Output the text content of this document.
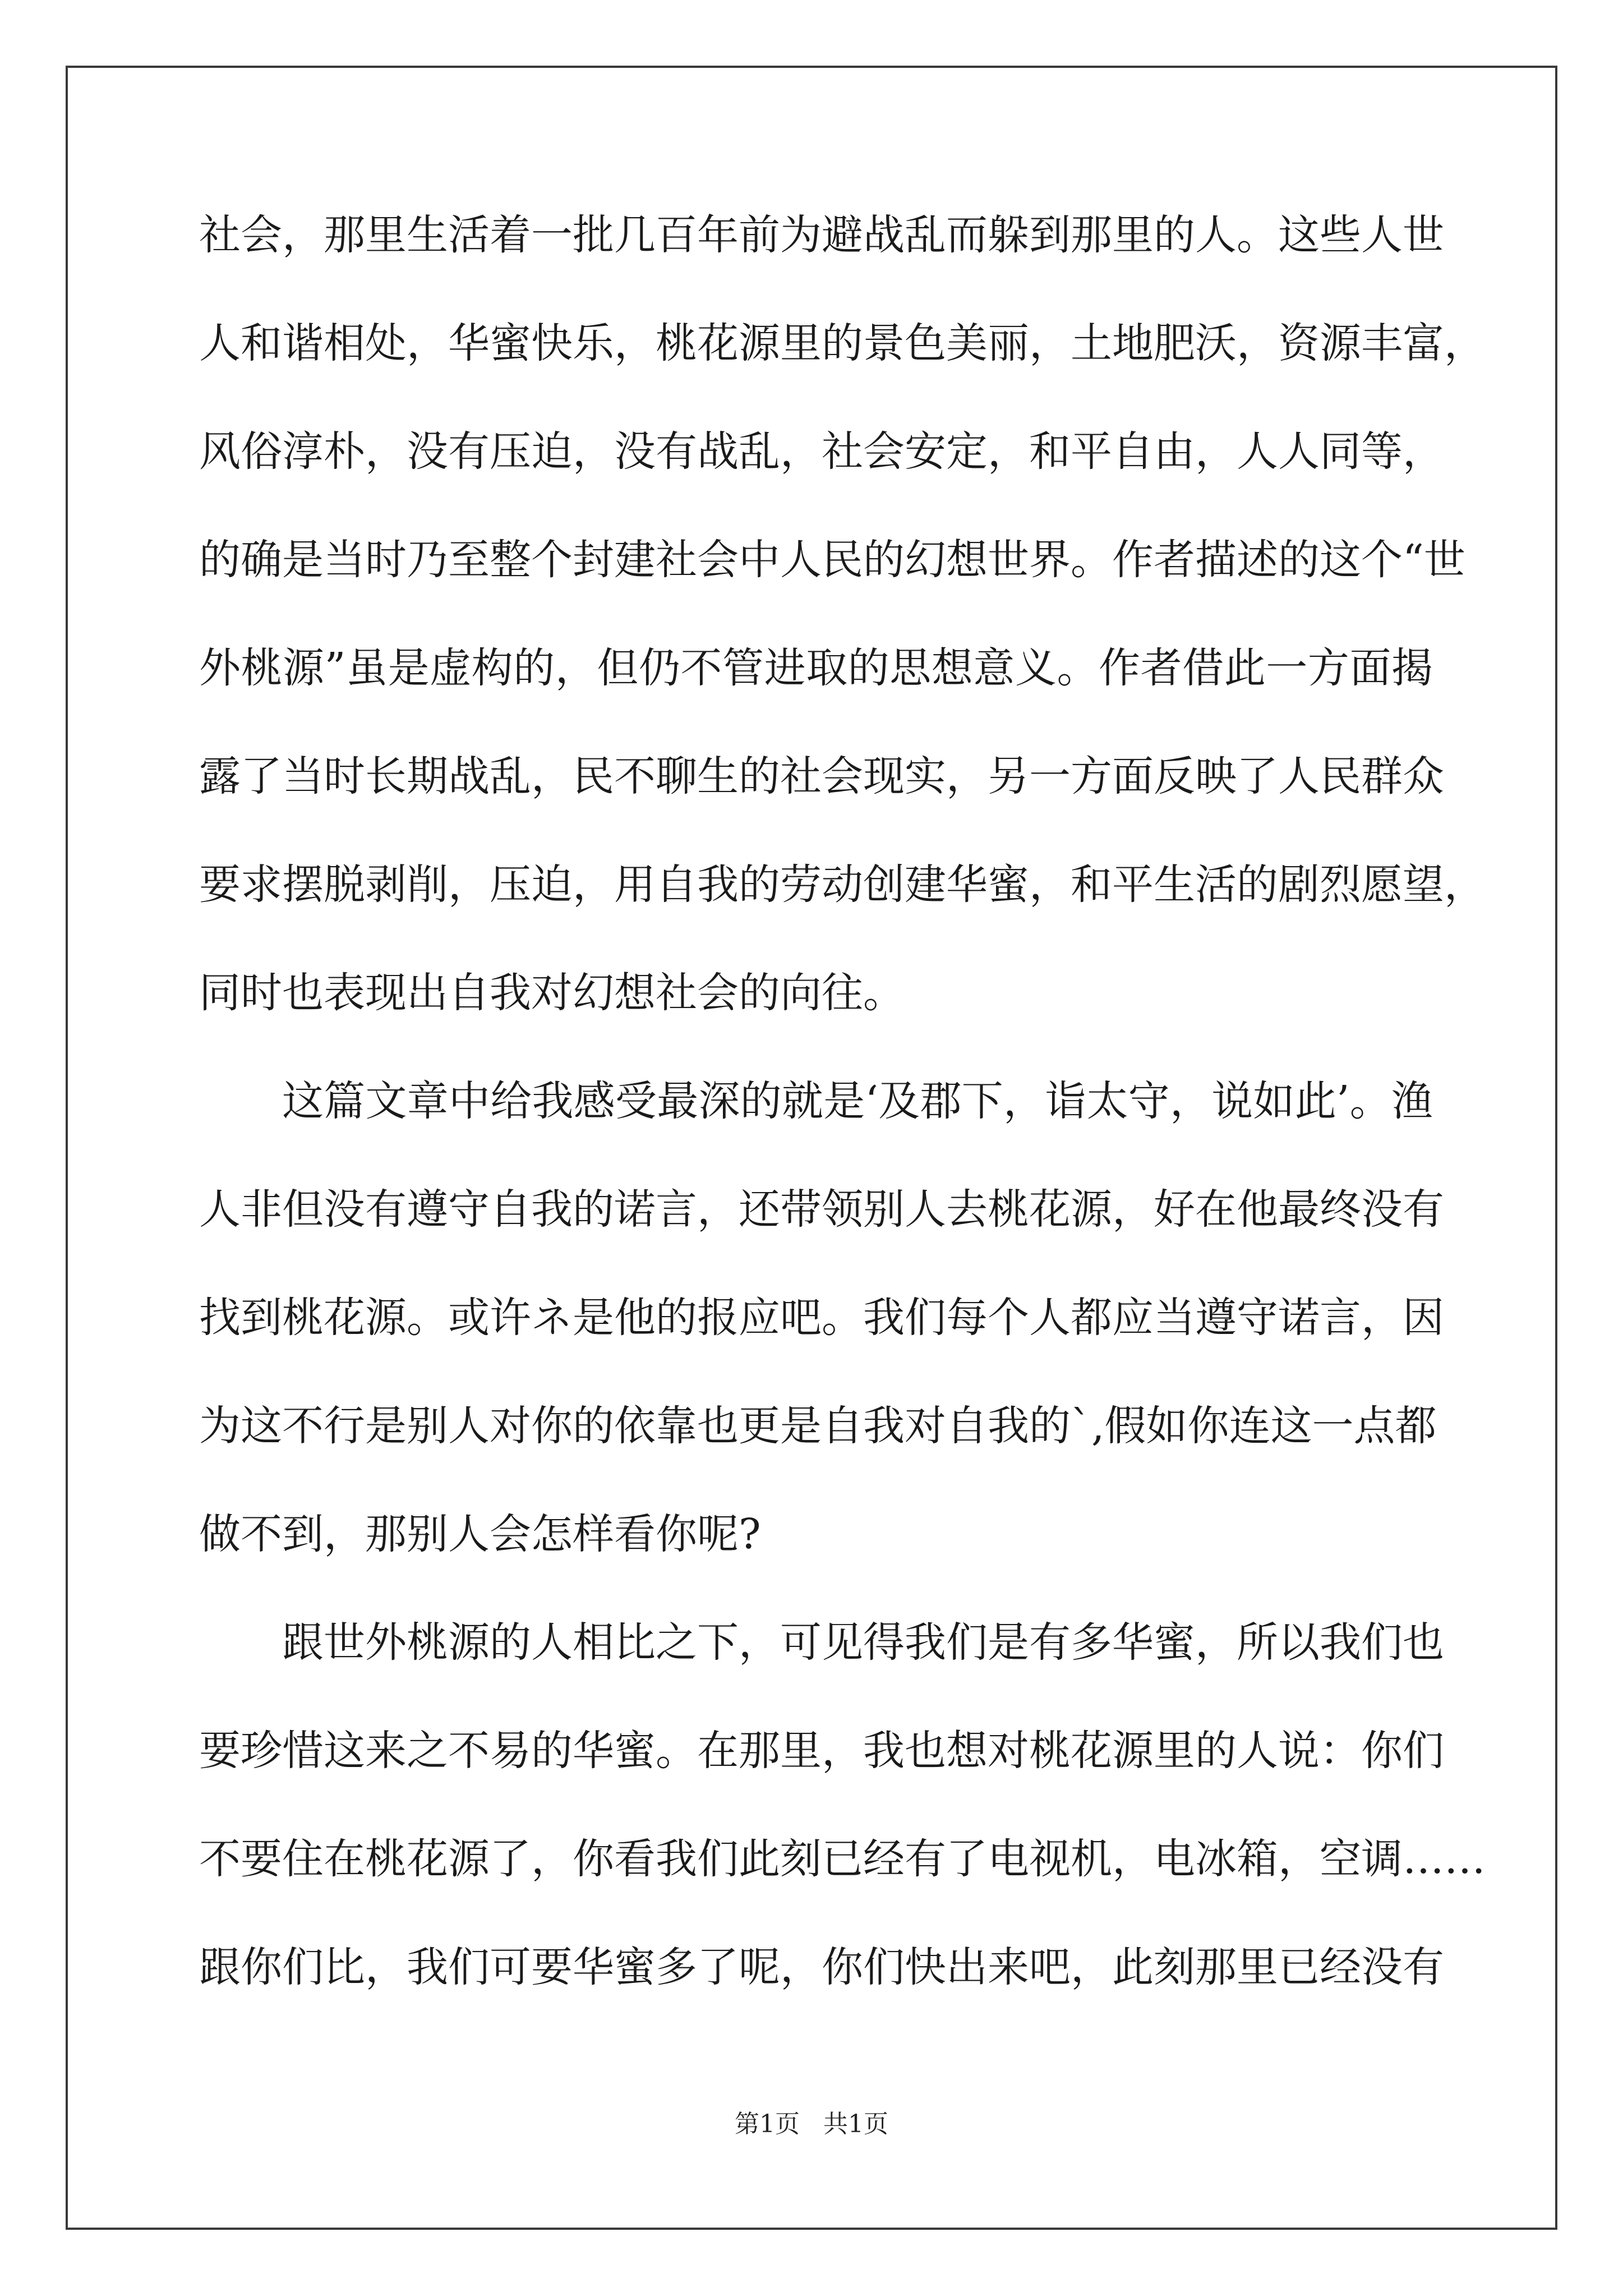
社会，那里生活着一批几百年前为避战乱而躲到那里的人。这些人世
人和谐相处，华蜜快乐，桃花源里的景色美丽，土地肥沃，资源丰富，
风俗淳朴，没有压迫，没有战乱，社会安定，和平自由，人人同等，
的确是当时乃至整个封建社会中人民的幻想世界。作者描述的这个“世
外桃源”虽是虚构的，但仍不管进取的思想意义。作者借此一方面揭
露了当时长期战乱，民不聊生的社会现实，另一方面反映了人民群众
要求摆脱剥削，压迫，用自我的劳动创建华蜜，和平生活的剧烈愿望，
同时也表现出自我对幻想社会的向往。
这篇文章中给我感受最深的就是‘及郡下，诣太守，说如此’。渔
人非但没有遵守自我的诺言，还带领别人去桃花源，好在他最终没有
找到桃花源。或许ネ是他的报应吧。我们每个人都应当遵守诺言，因
为这不行是别人对你的依靠也更是自我对自我的`,假如你连这一点都
做不到，那别人会怎样看你呢?
跟世外桃源的人相比之下，可见得我们是有多华蜜，所以我们也
要珍惜这来之不易的华蜜。在那里，我也想对桃花源里的人说：你们
不要住在桃花源了，你看我们此刻已经有了电视机，电冰箱，空调……
跟你们比，我们可要华蜜多了呢，你们快出来吧，此刻那里已经没有
第1页   共1页
